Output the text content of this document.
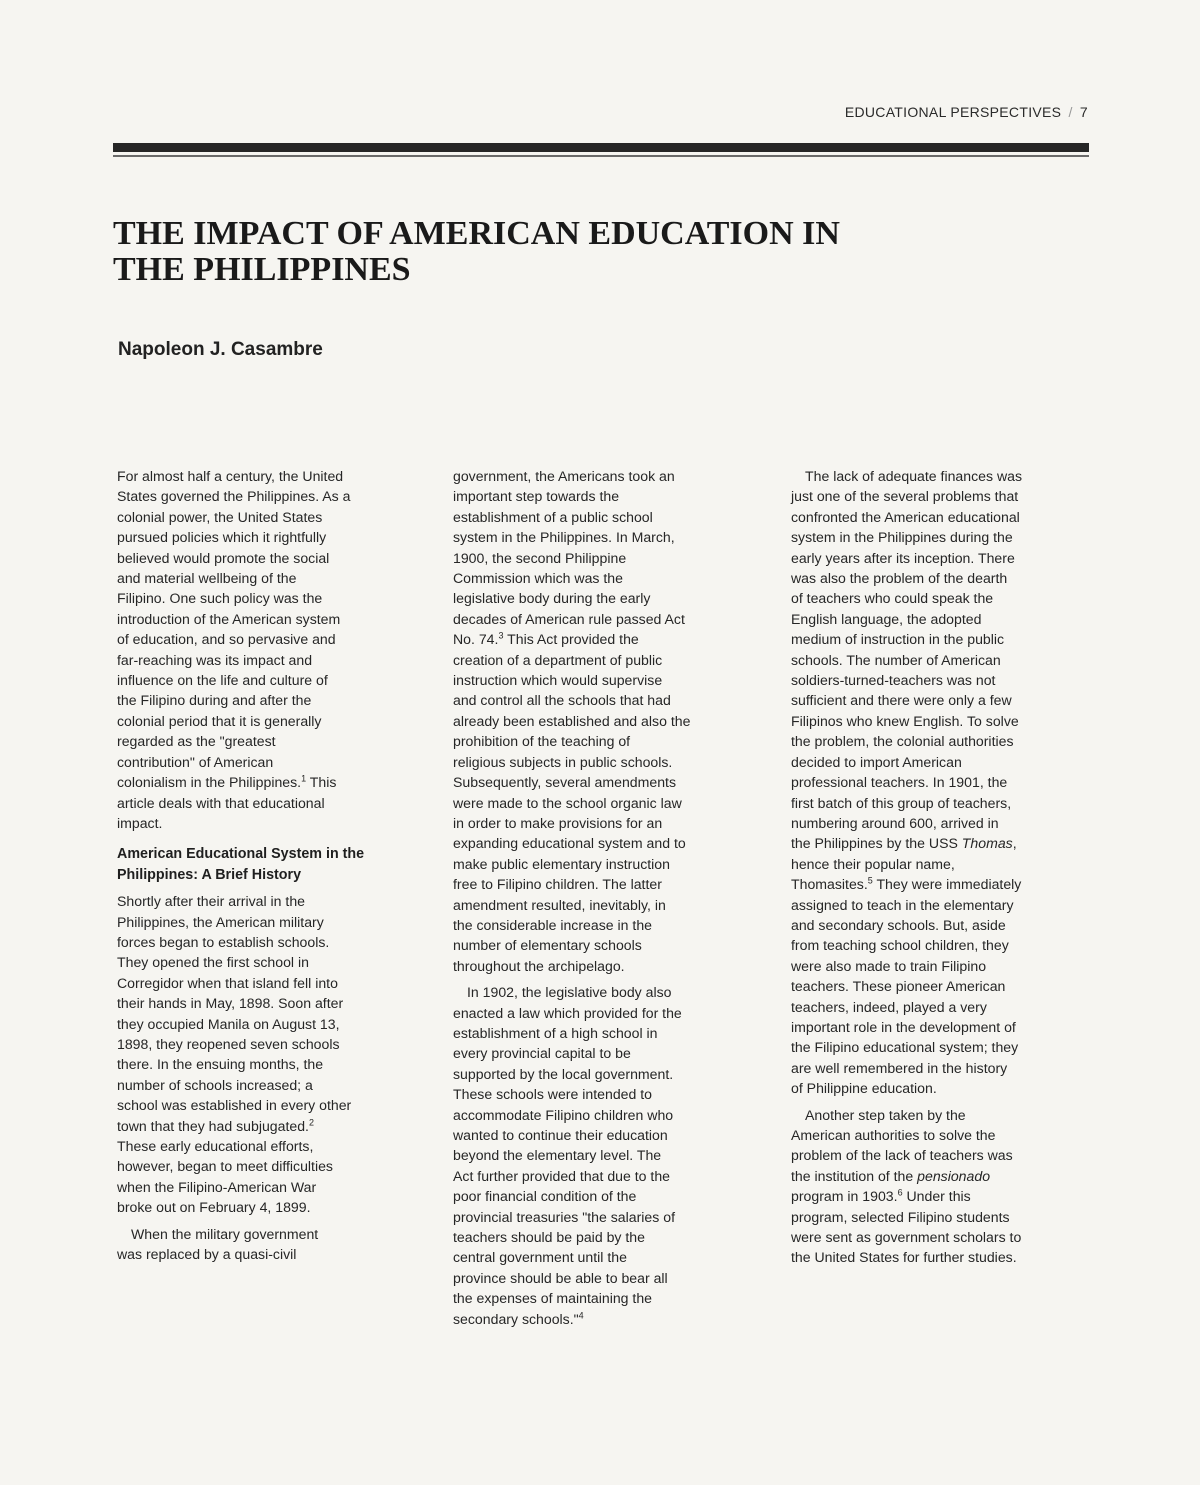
EDUCATIONAL PERSPECTIVES / 7
THE IMPACT OF AMERICAN EDUCATION IN THE PHILIPPINES
Napoleon J. Casambre

For almost half a century, the United
States governed the Philippines. As a
colonial power, the United States
pursued policies which it rightfully
believed would promote the social
and material wellbeing of the
Filipino. One such policy was the
introduction of the American system
of education, and so pervasive and
far-reaching was its impact and
influence on the life and culture of
the Filipino during and after the
colonial period that it is generally
regarded as the "greatest
contribution" of American
colonialism in the Philippines.$^1$ This
article deals with that educational
impact.

American Educational System in the
Philippines: A Brief History

Shortly after their arrival in the
Philippines, the American military
forces began to establish schools.
They opened the first school in
Corregidor when that island fell into
their hands in May, 1898. Soon after
they occupied Manila on August 13,
1898, they reopened seven schools
there. In the ensuing months, the
number of schools increased; a
school was established in every other
town that they had subjugated.$^2$
These early educational efforts,
however, began to meet difficulties
when the Filipino-American War
broke out on February 4, 1899.

When the military government
was replaced by a quasi-civil

government, the Americans took an
important step towards the
establishment of a public school
system in the Philippines. In March,
1900, the second Philippine
Commission which was the
legislative body during the early
decades of American rule passed Act
No. 74.$^3$ This Act provided the
creation of a department of public
instruction which would supervise
and control all the schools that had
already been established and also the
prohibition of the teaching of
religious subjects in public schools.
Subsequently, several amendments
were made to the school organic law
in order to make provisions for an
expanding educational system and to
make public elementary instruction
free to Filipino children. The latter
amendment resulted, inevitably, in
the considerable increase in the
number of elementary schools
throughout the archipelago.

In 1902, the legislative body also
enacted a law which provided for the
establishment of a high school in
every provincial capital to be
supported by the local government.
These schools were intended to
accommodate Filipino children who
wanted to continue their education
beyond the elementary level. The
Act further provided that due to the
poor financial condition of the
provincial treasuries "the salaries of
teachers should be paid by the
central government until the
province should be able to bear all
the expenses of maintaining the
secondary schools."$^4$

The lack of adequate finances was
just one of the several problems that
confronted the American educational
system in the Philippines during the
early years after its inception. There
was also the problem of the dearth
of teachers who could speak the
English language, the adopted
medium of instruction in the public
schools. The number of American
soldiers-turned-teachers was not
sufficient and there were only a few
Filipinos who knew English. To solve
the problem, the colonial authorities
decided to import American
professional teachers. In 1901, the
first batch of this group of teachers,
numbering around 600, arrived in
the Philippines by the USS Thomas,
hence their popular name,
Thomasites.$^5$ They were immediately
assigned to teach in the elementary
and secondary schools. But, aside
from teaching school children, they
were also made to train Filipino
teachers. These pioneer American
teachers, indeed, played a very
important role in the development of
the Filipino educational system; they
are well remembered in the history
of Philippine education.

Another step taken by the
American authorities to solve the
problem of the lack of teachers was
the institution of the pensionado
program in 1903.$^6$ Under this
program, selected Filipino students
were sent as government scholars to
the United States for further studies.
